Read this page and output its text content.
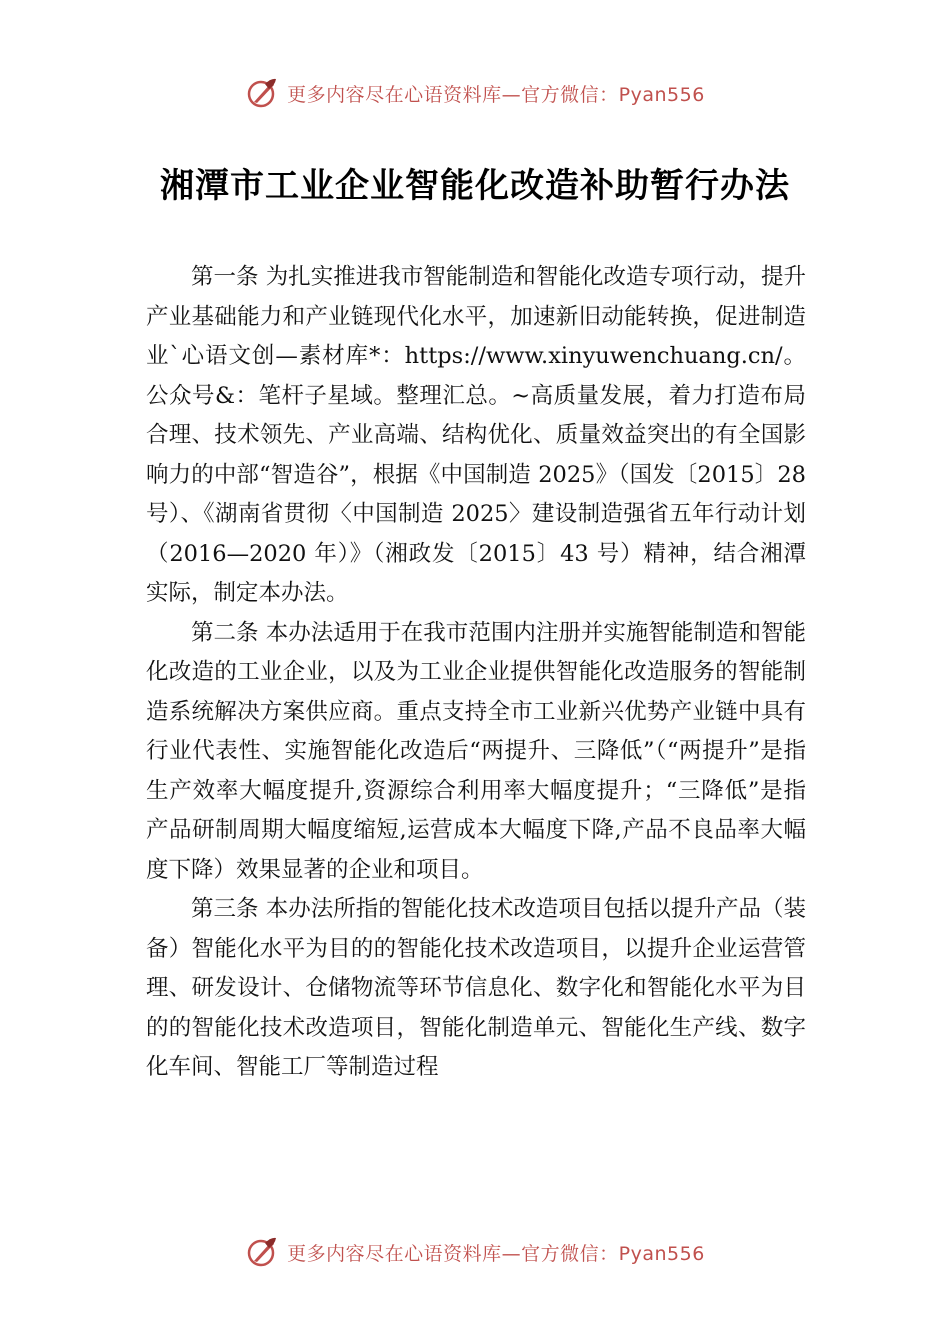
更多内容尽在心语资料库—官方微信：Pyan556
湘潭市工业企业智能化改造补助暂行办法

第一条 为扎实推进我市智能制造和智能化改造专项行动，提升产业基础能力和产业链现代化水平，加速新旧动能转换，促进制造业`心语文创—素材库*：https://www.xinyuwenchuang.cn/。公众号&：笔杆子星域。整理汇总。~高质量发展，着力打造布局合理、技术领先、产业高端、结构优化、质量效益突出的有全国影响力的中部“智造谷”，根据《中国制造 2025》（国发〔2015〕28 号）、《湖南省贯彻〈中国制造 2025〉建设制造强省五年行动计划（2016—2020 年）》（湘政发〔2015〕43 号）精神，结合湘潭实际，制定本办法。

第二条 本办法适用于在我市范围内注册并实施智能制造和智能化改造的工业企业，以及为工业企业提供智能化改造服务的智能制造系统解决方案供应商。重点支持全市工业新兴优势产业链中具有行业代表性、实施智能化改造后“两提升、三降低”（“两提升”是指生产效率大幅度提升,资源综合利用率大幅度提升；“三降低”是指产品研制周期大幅度缩短,运营成本大幅度下降,产品不良品率大幅度下降）效果显著的企业和项目。

第三条 本办法所指的智能化技术改造项目包括以提升产品（装备）智能化水平为目的的智能化技术改造项目，以提升企业运营管理、研发设计、仓储物流等环节信息化、数字化和智能化水平为目的的智能化技术改造项目，智能化制造单元、智能化生产线、数字化车间、智能工厂等制造过程

更多内容尽在心语资料库—官方微信：Pyan556
